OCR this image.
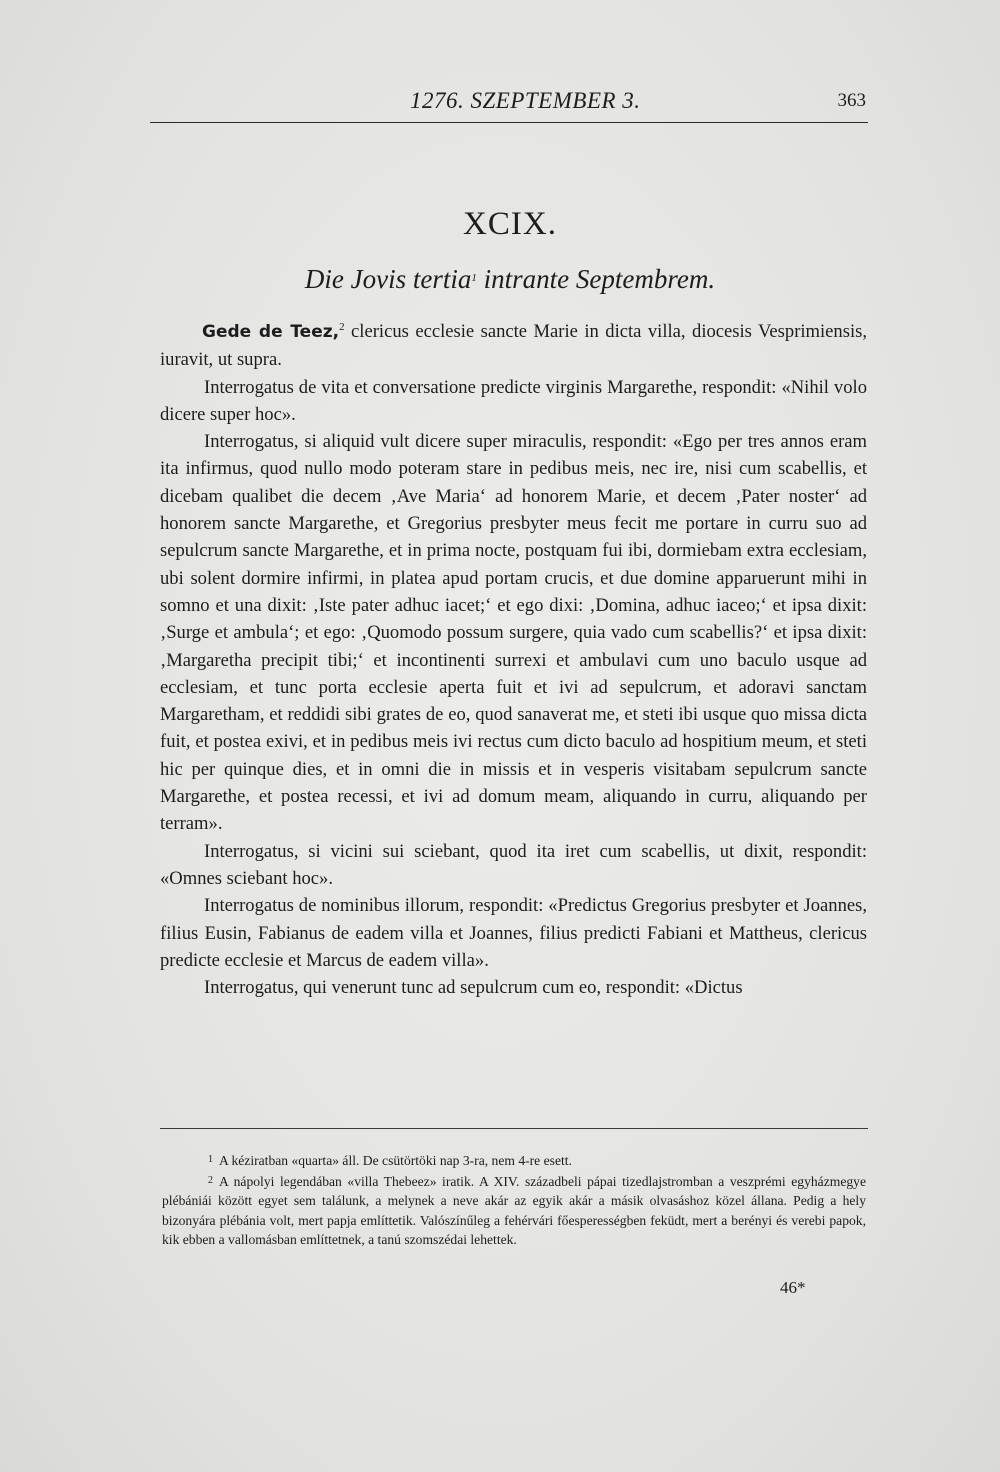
1276. SZEPTEMBER 3.	363
XCIX.
Die Jovis tertia$^1$ intrante Septembrem.

Gede de Teez,$^2$ clericus ecclesie sancte Marie in dicta villa, diocesis Vesprimiensis, iuravit, ut supra.

Interrogatus de vita et conversatione predicte virginis Margarethe, respondit: «Nihil volo dicere super hoc».

Interrogatus, si aliquid vult dicere super miraculis, respondit: «Ego per tres annos eram ita infirmus, quod nullo modo poteram stare in pedibus meis, nec ire, nisi cum scabellis, et dicebam qualibet die decem ‚Ave Maria‘ ad honorem Marie, et decem ‚Pater noster‘ ad honorem sancte Margarethe, et Gregorius presbyter meus fecit me portare in curru suo ad sepulcrum sancte Margarethe, et in prima nocte, postquam fui ibi, dormiebam extra ecclesiam, ubi solent dormire infirmi, in platea apud portam crucis, et due domine apparuerunt mihi in somno et una dixit: ‚Iste pater adhuc iacet;‘ et ego dixi: ‚Domina, adhuc iaceo;‘ et ipsa dixit: ‚Surge et ambula‘; et ego: ‚Quomodo possum surgere, quia vado cum scabellis?‘ et ipsa dixit: ‚Margaretha precipit tibi;‘ et incontinenti surrexi et ambulavi cum uno baculo usque ad ecclesiam, et tunc porta ecclesie aperta fuit et ivi ad sepulcrum, et adoravi sanctam Margaretham, et reddidi sibi grates de eo, quod sanaverat me, et steti ibi usque quo missa dicta fuit, et postea exivi, et in pedibus meis ivi rectus cum dicto baculo ad hospitium meum, et steti hic per quinque dies, et in omni die in missis et in vesperis visitabam sepulcrum sancte Margarethe, et postea recessi, et ivi ad domum meam, aliquando in curru, aliquando per terram».

Interrogatus, si vicini sui sciebant, quod ita iret cum scabellis, ut dixit, respondit: «Omnes sciebant hoc».

Interrogatus de nominibus illorum, respondit: «Predictus Gregorius presbyter et Joannes, filius Eusin, Fabianus de eadem villa et Joannes, filius predicti Fabiani et Mattheus, clericus predicte ecclesie et Marcus de eadem villa».

Interrogatus, qui venerunt tunc ad sepulcrum cum eo, respondit: «Dictus

$^1$ A kéziratban «quarta» áll. De csütörtöki nap 3-ra, nem 4-re esett.

$^2$ A nápolyi legendában «villa Thebeez» iratik. A XIV. századbeli pápai tizedlajstromban a veszprémi egyházmegye plébániái között egyet sem találunk, a melynek a neve akár az egyik akár a másik olvasáshoz közel állana. Pedig a hely bizonyára plébánia volt, mert papja említtetik. Valószínűleg a fehérvári főesperességben feküdt, mert a berényi és verebi papok, kik ebben a vallomásban említtetnek, a tanú szomszédai lehettek.

46*
